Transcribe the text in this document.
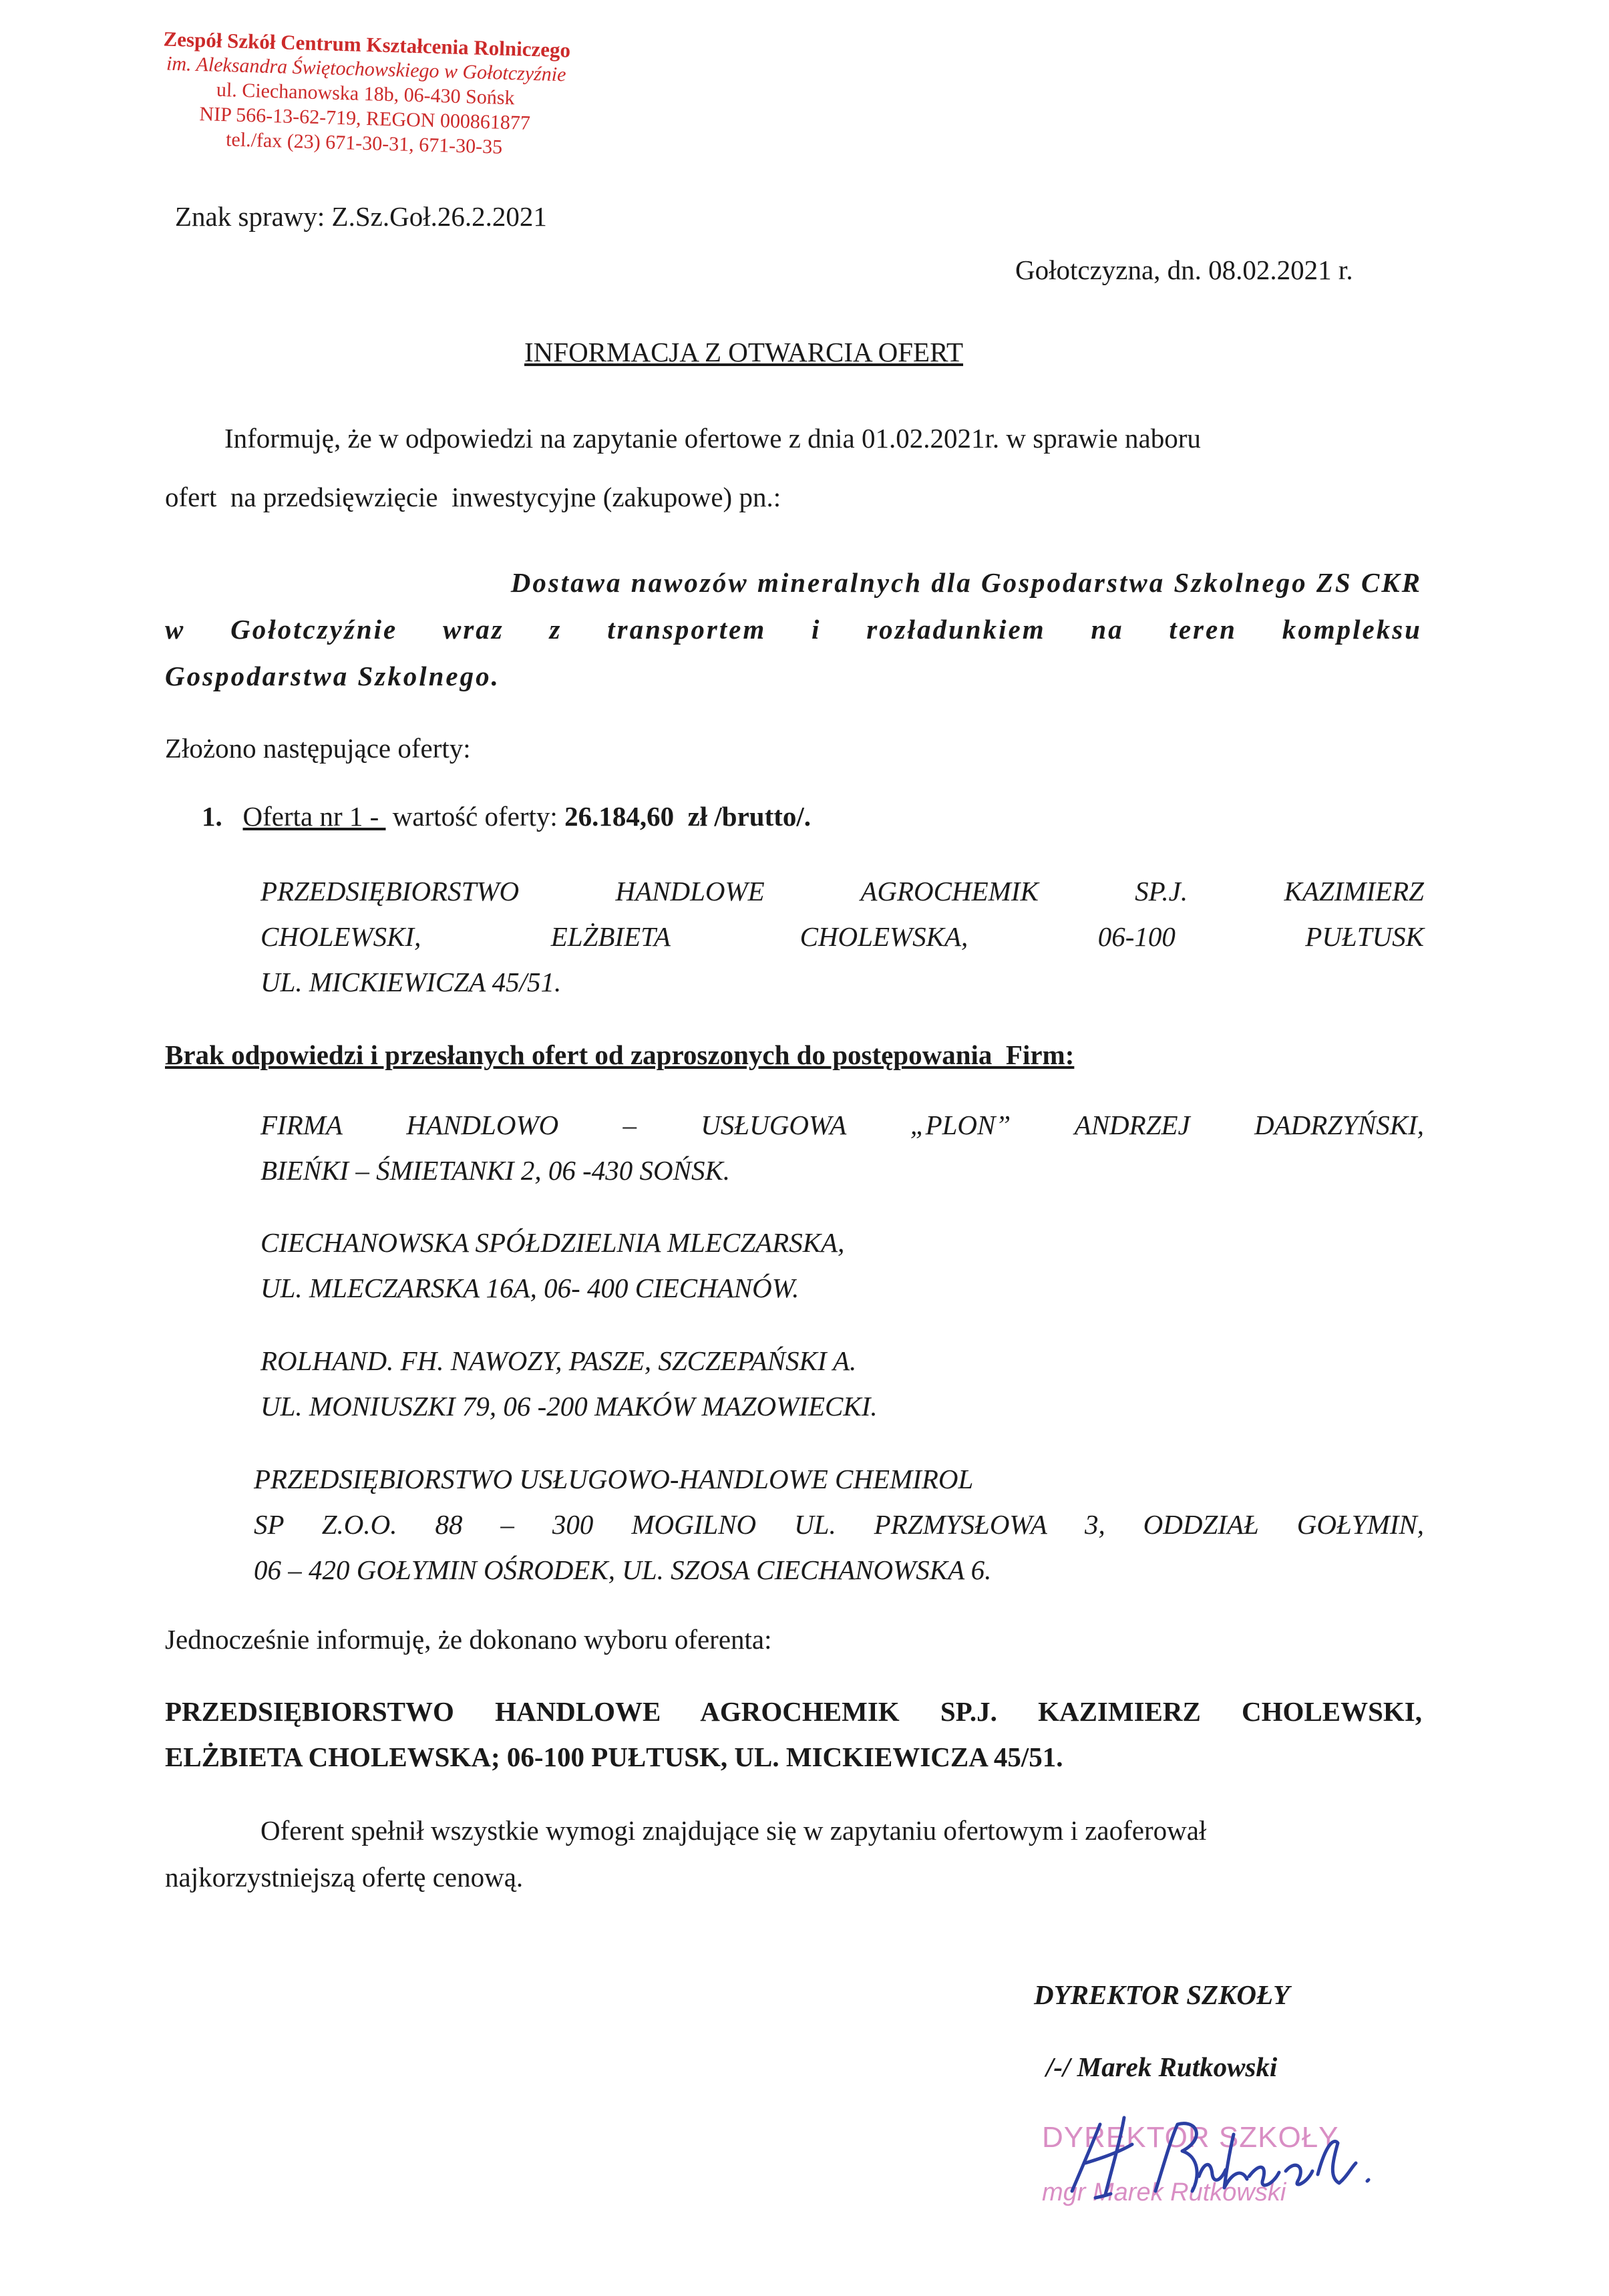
Zespół Szkół Centrum Kształcenia Rolniczego
im. Aleksandra Świętochowskiego w Gołotczyźnie
ul. Ciechanowska 18b, 06-430 Sońsk
NIP 566-13-62-719, REGON 000861877
tel./fax (23) 671-30-31, 671-30-35

Znak sprawy: Z.Sz.Goł.26.2.2021

Gołotczyzna, dn. 08.02.2021 r.

INFORMACJA Z OTWARCIA OFERT

Informuję, że w odpowiedzi na zapytanie ofertowe z dnia 01.02.2021r. w sprawie naboru

ofert  na przedsięwzięcie  inwestycyjne (zakupowe) pn.:

Dostawa nawozów mineralnych dla Gospodarstwa Szkolnego ZS CKR

w Gołotczyźnie wraz z transportem i rozładunkiem na teren kompleksu

Gospodarstwa Szkolnego.

Złożono następujące oferty:

1. Oferta nr 1 -  wartość oferty: 26.184,60  zł /brutto/.

PRZEDSIĘBIORSTWO HANDLOWE AGROCHEMIK SP.J. KAZIMIERZ

CHOLEWSKI, ELŻBIETA CHOLEWSKA, 06-100 PUŁTUSK

UL. MICKIEWICZA 45/51.

Brak odpowiedzi i przesłanych ofert od zaproszonych do postępowania  Firm:

FIRMA HANDLOWO – USŁUGOWA „PLON” ANDRZEJ DADRZYŃSKI,

BIEŃKI – ŚMIETANKI 2, 06 -430 SOŃSK.

CIECHANOWSKA SPÓŁDZIELNIA MLECZARSKA,

UL. MLECZARSKA 16A, 06- 400 CIECHANÓW.

ROLHAND. FH. NAWOZY, PASZE, SZCZEPAŃSKI A.

UL. MONIUSZKI 79, 06 -200 MAKÓW MAZOWIECKI.

PRZEDSIĘBIORSTWO USŁUGOWO-HANDLOWE CHEMIROL

SP Z.O.O. 88 – 300 MOGILNO UL. PRZMYSŁOWA 3, ODDZIAŁ GOŁYMIN,

06 – 420 GOŁYMIN OŚRODEK, UL. SZOSA CIECHANOWSKA 6.

Jednocześnie informuję, że dokonano wyboru oferenta:

PRZEDSIĘBIORSTWO HANDLOWE AGROCHEMIK SP.J. KAZIMIERZ CHOLEWSKI,

ELŻBIETA CHOLEWSKA; 06-100 PUŁTUSK, UL. MICKIEWICZA 45/51.

Oferent spełnił wszystkie wymogi znajdujące się w zapytaniu ofertowym i zaoferował

najkorzystniejszą ofertę cenową.

DYREKTOR SZKOŁY

/-/ Marek Rutkowski

DYREKTOR SZKOŁY
mgr Marek Rutkowski
